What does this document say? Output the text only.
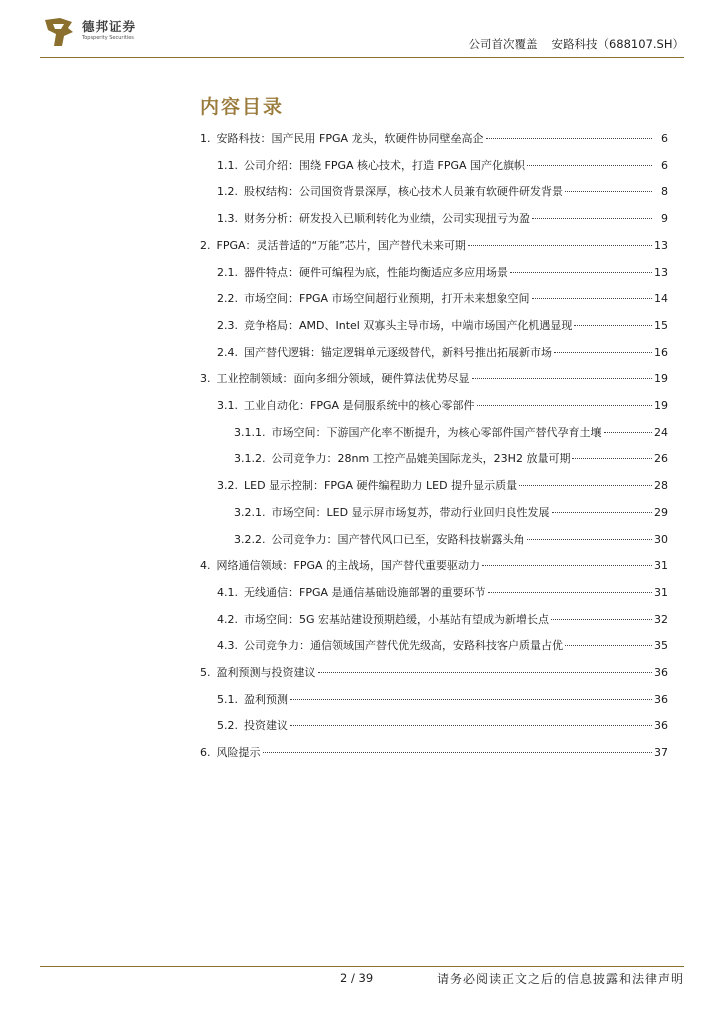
德邦证券
Topsperity Securities	公司首次覆盖 安路科技（688107.SH）
内容目录
1. 安路科技：国产民用 FPGA 龙头，软硬件协同壁垒高企	6
1.1. 公司介绍：围绕 FPGA 核心技术，打造 FPGA 国产化旗帜	6
1.2. 股权结构：公司国资背景深厚，核心技术人员兼有软硬件研发背景	8
1.3. 财务分析：研发投入已顺利转化为业绩，公司实现扭亏为盈	9
2. FPGA：灵活普适的“万能”芯片，国产替代未来可期	13
2.1. 器件特点：硬件可编程为底，性能均衡适应多应用场景	13
2.2. 市场空间：FPGA 市场空间超行业预期，打开未来想象空间	14
2.3. 竞争格局：AMD、Intel 双寡头主导市场，中端市场国产化机遇显现	15
2.4. 国产替代逻辑：锚定逻辑单元逐级替代，新料号推出拓展新市场	16
3. 工业控制领域：面向多细分领域，硬件算法优势尽显	19
3.1. 工业自动化：FPGA 是伺服系统中的核心零部件	19
3.1.1. 市场空间：下游国产化率不断提升，为核心零部件国产替代孕育土壤	24
3.1.2. 公司竞争力：28nm 工控产品媲美国际龙头，23H2 放量可期	26
3.2. LED 显示控制：FPGA 硬件编程助力 LED 提升显示质量	28
3.2.1. 市场空间：LED 显示屏市场复苏，带动行业回归良性发展	29
3.2.2. 公司竞争力：国产替代风口已至，安路科技崭露头角	30
4. 网络通信领域：FPGA 的主战场，国产替代重要驱动力	31
4.1. 无线通信：FPGA 是通信基础设施部署的重要环节	31
4.2. 市场空间：5G 宏基站建设预期趋缓，小基站有望成为新增长点	32
4.3. 公司竞争力：通信领域国产替代优先级高，安路科技客户质量占优	35
5. 盈利预测与投资建议	36
5.1. 盈利预测	36
5.2. 投资建议	36
6. 风险提示	37
2 / 39	请务必阅读正文之后的信息披露和法律声明
